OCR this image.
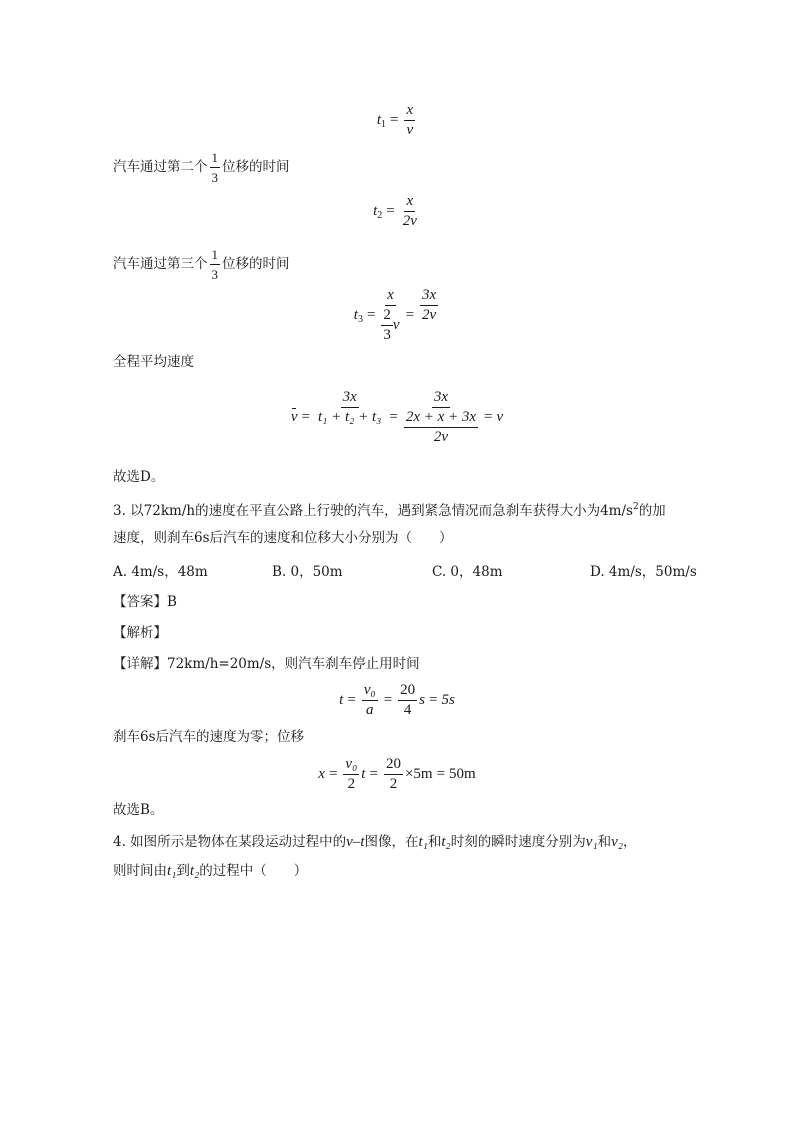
$t_1 = \frac{x}{v}$
汽车通过第二个 $\frac{1}{3}$ 位移的时间
$t_2 = \frac{x}{2v}$
汽车通过第三个 $\frac{1}{3}$ 位移的时间
$t_3 = \frac{x}{\frac{2}{3} v} = \frac{3x}{2v}$
全程平均速度
$v = \frac{3x}{\text{t₁ + t₂ + t₃}} = \frac{3x}{\frac{2x + x + 3x}{2v}} = v$
故选D。
3. 以72km/h的速度在平直公路上行驶的汽车，遇到紧急情况而急刹车获得大小为$4m/s^2$的加
速度，则刹车6s后汽车的速度和位移大小分别为（　　）
A. 4m/s，48m	B. 0，50m	C. 0，48m	D. 4m/s，50m/s
【答案】B
【解析】
【详解】72km/h=20m/s，则汽车刹车停止用时间
$t = \frac{\text{v₀}}{a} = \frac{20}{4}$ s = 5s
刹车6s后汽车的速度为零；位移
$x = \frac{\text{v₀}}{2}$ $t = \frac{20}{2} \times 5m = 50m$
故选B。
4. 如图所示是物体在某段运动过程中的v–t图像，在t₁和t₂时刻的瞬时速度分别为v₁和v₂，
则时间由t₁到t₂的过程中（　　）
